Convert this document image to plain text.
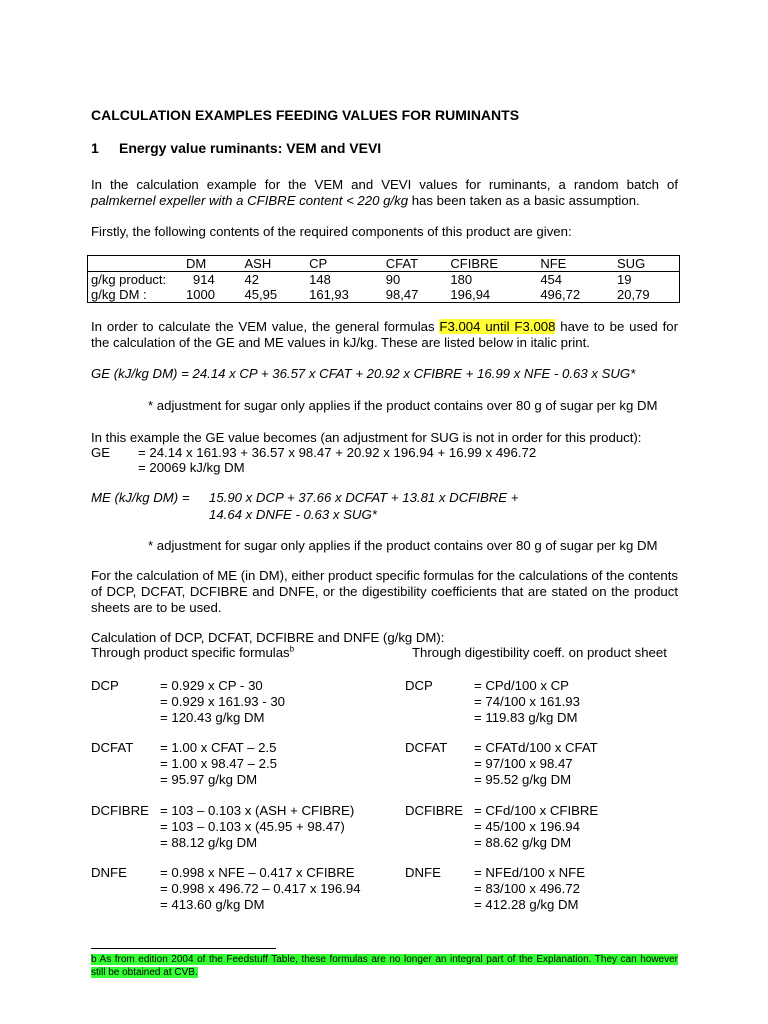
CALCULATION EXAMPLES FEEDING VALUES FOR RUMINANTS
1 Energy value ruminants: VEM and VEVI
In the calculation example for the VEM and VEVI values for ruminants, a random batch of palmkernel expeller with a CFIBRE content < 220 g/kg has been taken as a basic assumption.
Firstly, the following contents of the required components of this product are given:
	DM	ASH	CP	CFAT	CFIBRE	NFE	SUG
g/kg product:	914	42	148	90	180	454	19
g/kg DM :	1000	45,95	161,93	98,47	196,94	496,72	20,79
In order to calculate the VEM value, the general formulas F3.004 until F3.008 have to be used for the calculation of the GE and ME values in kJ/kg. These are listed below in italic print.
GE (kJ/kg DM) = 24.14 x CP + 36.57 x CFAT + 20.92 x CFIBRE + 16.99 x NFE - 0.63 x SUG*
* adjustment for sugar only applies if the product contains over 80 g of sugar per kg DM
In this example the GE value becomes (an adjustment for SUG is not in order for this product):
GE = 24.14 x 161.93 + 36.57 x 98.47 + 20.92 x 196.94 + 16.99 x 496.72
= 20069 kJ/kg DM
ME (kJ/kg DM) = 15.90 x DCP + 37.66 x DCFAT + 13.81 x DCFIBRE +
14.64 x DNFE - 0.63 x SUG*
* adjustment for sugar only applies if the product contains over 80 g of sugar per kg DM
For the calculation of ME (in DM), either product specific formulas for the calculations of the contents of DCP, DCFAT, DCFIBRE and DNFE, or the digestibility coefficients that are stated on the product sheets are to be used.
Calculation of DCP, DCFAT, DCFIBRE and DNFE (g/kg DM):
Through product specific formulas$^b$	Through digestibility coeff. on product sheet
DCP	= 0.929 x CP - 30
= 0.929 x 161.93 - 30
= 120.43 g/kg DM
DCFAT = 1.00 x CFAT – 2.5
= 1.00 x 98.47 – 2.5
= 95.97 g/kg DM
DCFIBRE = 103 – 0.103 x (ASH + CFIBRE)
= 103 – 0.103 x (45.95 + 98.47)
= 88.12 g/kg DM
DNFE	= 0.998 x NFE – 0.417 x CFIBRE
= 0.998 x 496.72 – 0.417 x 196.94
= 413.60 g/kg DM
DCP	= CPd/100 x CP
= 74/100 x 161.93
= 119.83 g/kg DM
DCFAT = CFATd/100 x CFAT
= 97/100 x 98.47
= 95.52 g/kg DM
DCFIBRE = CFd/100 x CFIBRE
= 45/100 x 196.94
= 88.62 g/kg DM
DNFE	= NFEd/100 x NFE
= 83/100 x 496.72
= 412.28 g/kg DM
b As from edition 2004 of the Feedstuff Table, these formulas are no longer an integral part of the Explanation. They can however still be obtained at CVB.
